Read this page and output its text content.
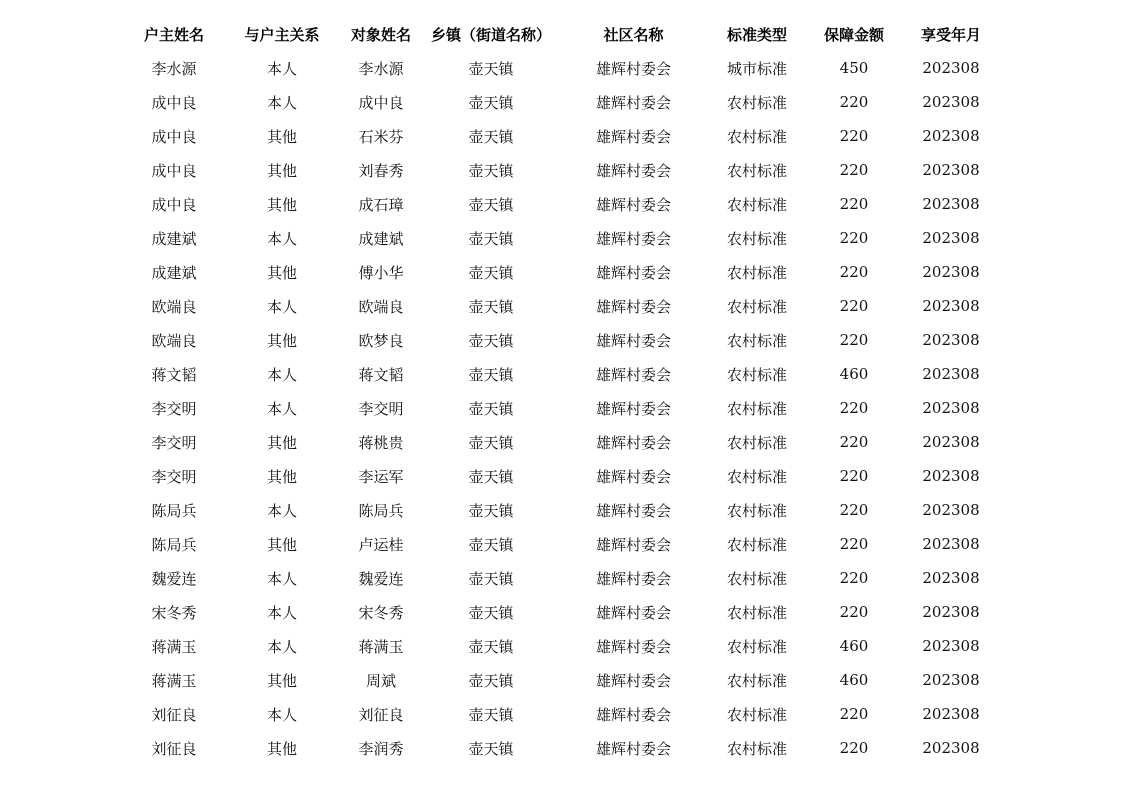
户主姓名	与户主关系	对象姓名	乡镇（街道名称）	社区名称	标准类型	保障金额	享受年月
李水源	本人	李水源	壶天镇	雄辉村委会	城市标准	450	202308
成中良	本人	成中良	壶天镇	雄辉村委会	农村标准	220	202308
成中良	其他	石米芬	壶天镇	雄辉村委会	农村标准	220	202308
成中良	其他	刘春秀	壶天镇	雄辉村委会	农村标准	220	202308
成中良	其他	成石璋	壶天镇	雄辉村委会	农村标准	220	202308
成建斌	本人	成建斌	壶天镇	雄辉村委会	农村标准	220	202308
成建斌	其他	傅小华	壶天镇	雄辉村委会	农村标准	220	202308
欧端良	本人	欧端良	壶天镇	雄辉村委会	农村标准	220	202308
欧端良	其他	欧梦良	壶天镇	雄辉村委会	农村标准	220	202308
蒋文韬	本人	蒋文韬	壶天镇	雄辉村委会	农村标准	460	202308
李交明	本人	李交明	壶天镇	雄辉村委会	农村标准	220	202308
李交明	其他	蒋桃贵	壶天镇	雄辉村委会	农村标准	220	202308
李交明	其他	李运军	壶天镇	雄辉村委会	农村标准	220	202308
陈局兵	本人	陈局兵	壶天镇	雄辉村委会	农村标准	220	202308
陈局兵	其他	卢运桂	壶天镇	雄辉村委会	农村标准	220	202308
魏爱连	本人	魏爱连	壶天镇	雄辉村委会	农村标准	220	202308
宋冬秀	本人	宋冬秀	壶天镇	雄辉村委会	农村标准	220	202308
蒋满玉	本人	蒋满玉	壶天镇	雄辉村委会	农村标准	460	202308
蒋满玉	其他	周斌	壶天镇	雄辉村委会	农村标准	460	202308
刘征良	本人	刘征良	壶天镇	雄辉村委会	农村标准	220	202308
刘征良	其他	李润秀	壶天镇	雄辉村委会	农村标准	220	202308
